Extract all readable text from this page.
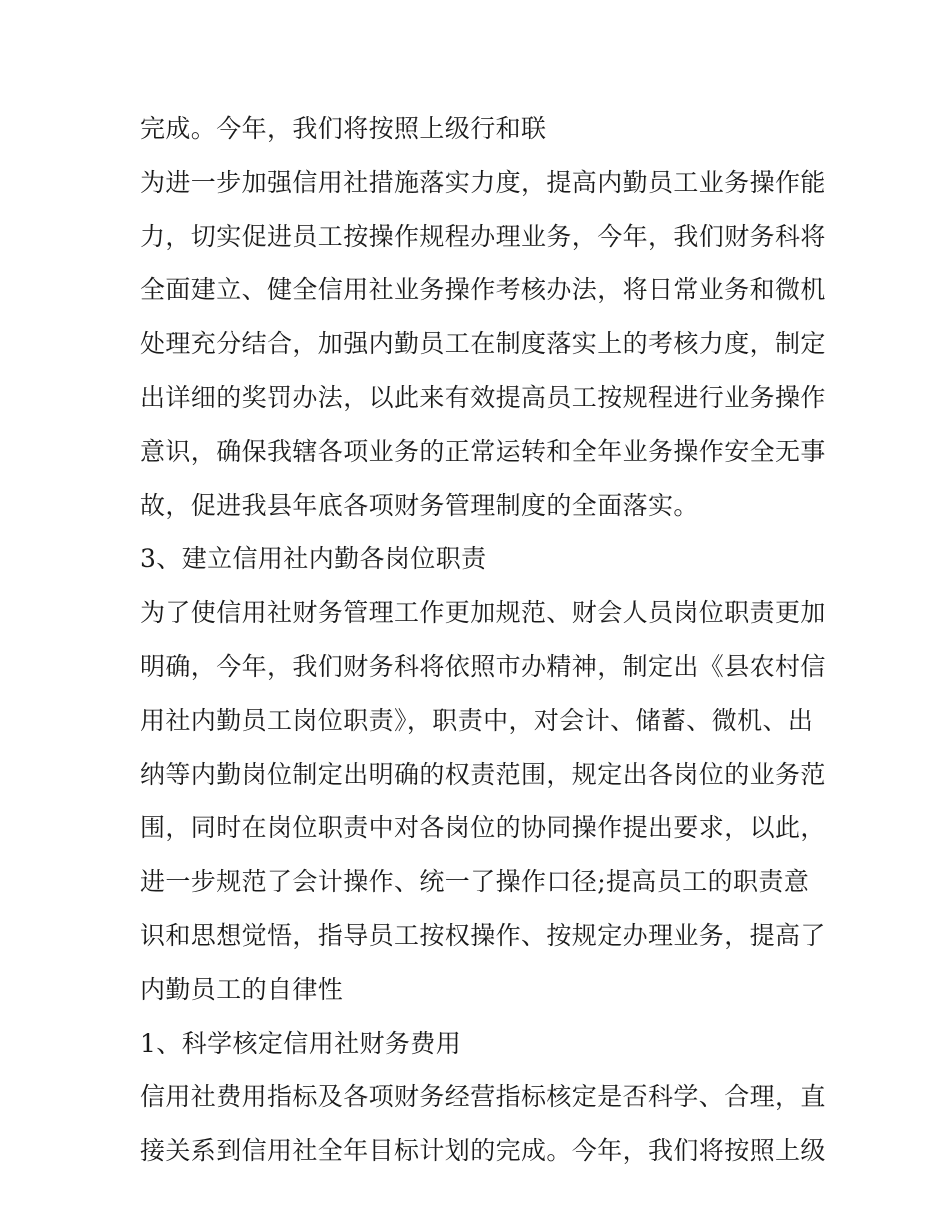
完成。今年，我们将按照上级行和联
为进一步加强信用社措施落实力度，提高内勤员工业务操作能
力，切实促进员工按操作规程办理业务，今年，我们财务科将
全面建立、健全信用社业务操作考核办法，将日常业务和微机
处理充分结合，加强内勤员工在制度落实上的考核力度，制定
出详细的奖罚办法，以此来有效提高员工按规程进行业务操作
意识，确保我辖各项业务的正常运转和全年业务操作安全无事
故，促进我县年底各项财务管理制度的全面落实。
3、建立信用社内勤各岗位职责
为了使信用社财务管理工作更加规范、财会人员岗位职责更加
明确，今年，我们财务科将依照市办精神，制定出《县农村信
用社内勤员工岗位职责》，职责中，对会计、储蓄、微机、出
纳等内勤岗位制定出明确的权责范围，规定出各岗位的业务范
围，同时在岗位职责中对各岗位的协同操作提出要求，以此，
进一步规范了会计操作、统一了操作口径;提高员工的职责意
识和思想觉悟，指导员工按权操作、按规定办理业务，提高了
内勤员工的自律性
1、科学核定信用社财务费用
信用社费用指标及各项财务经营指标核定是否科学、合理，直
接关系到信用社全年目标计划的完成。今年，我们将按照上级
